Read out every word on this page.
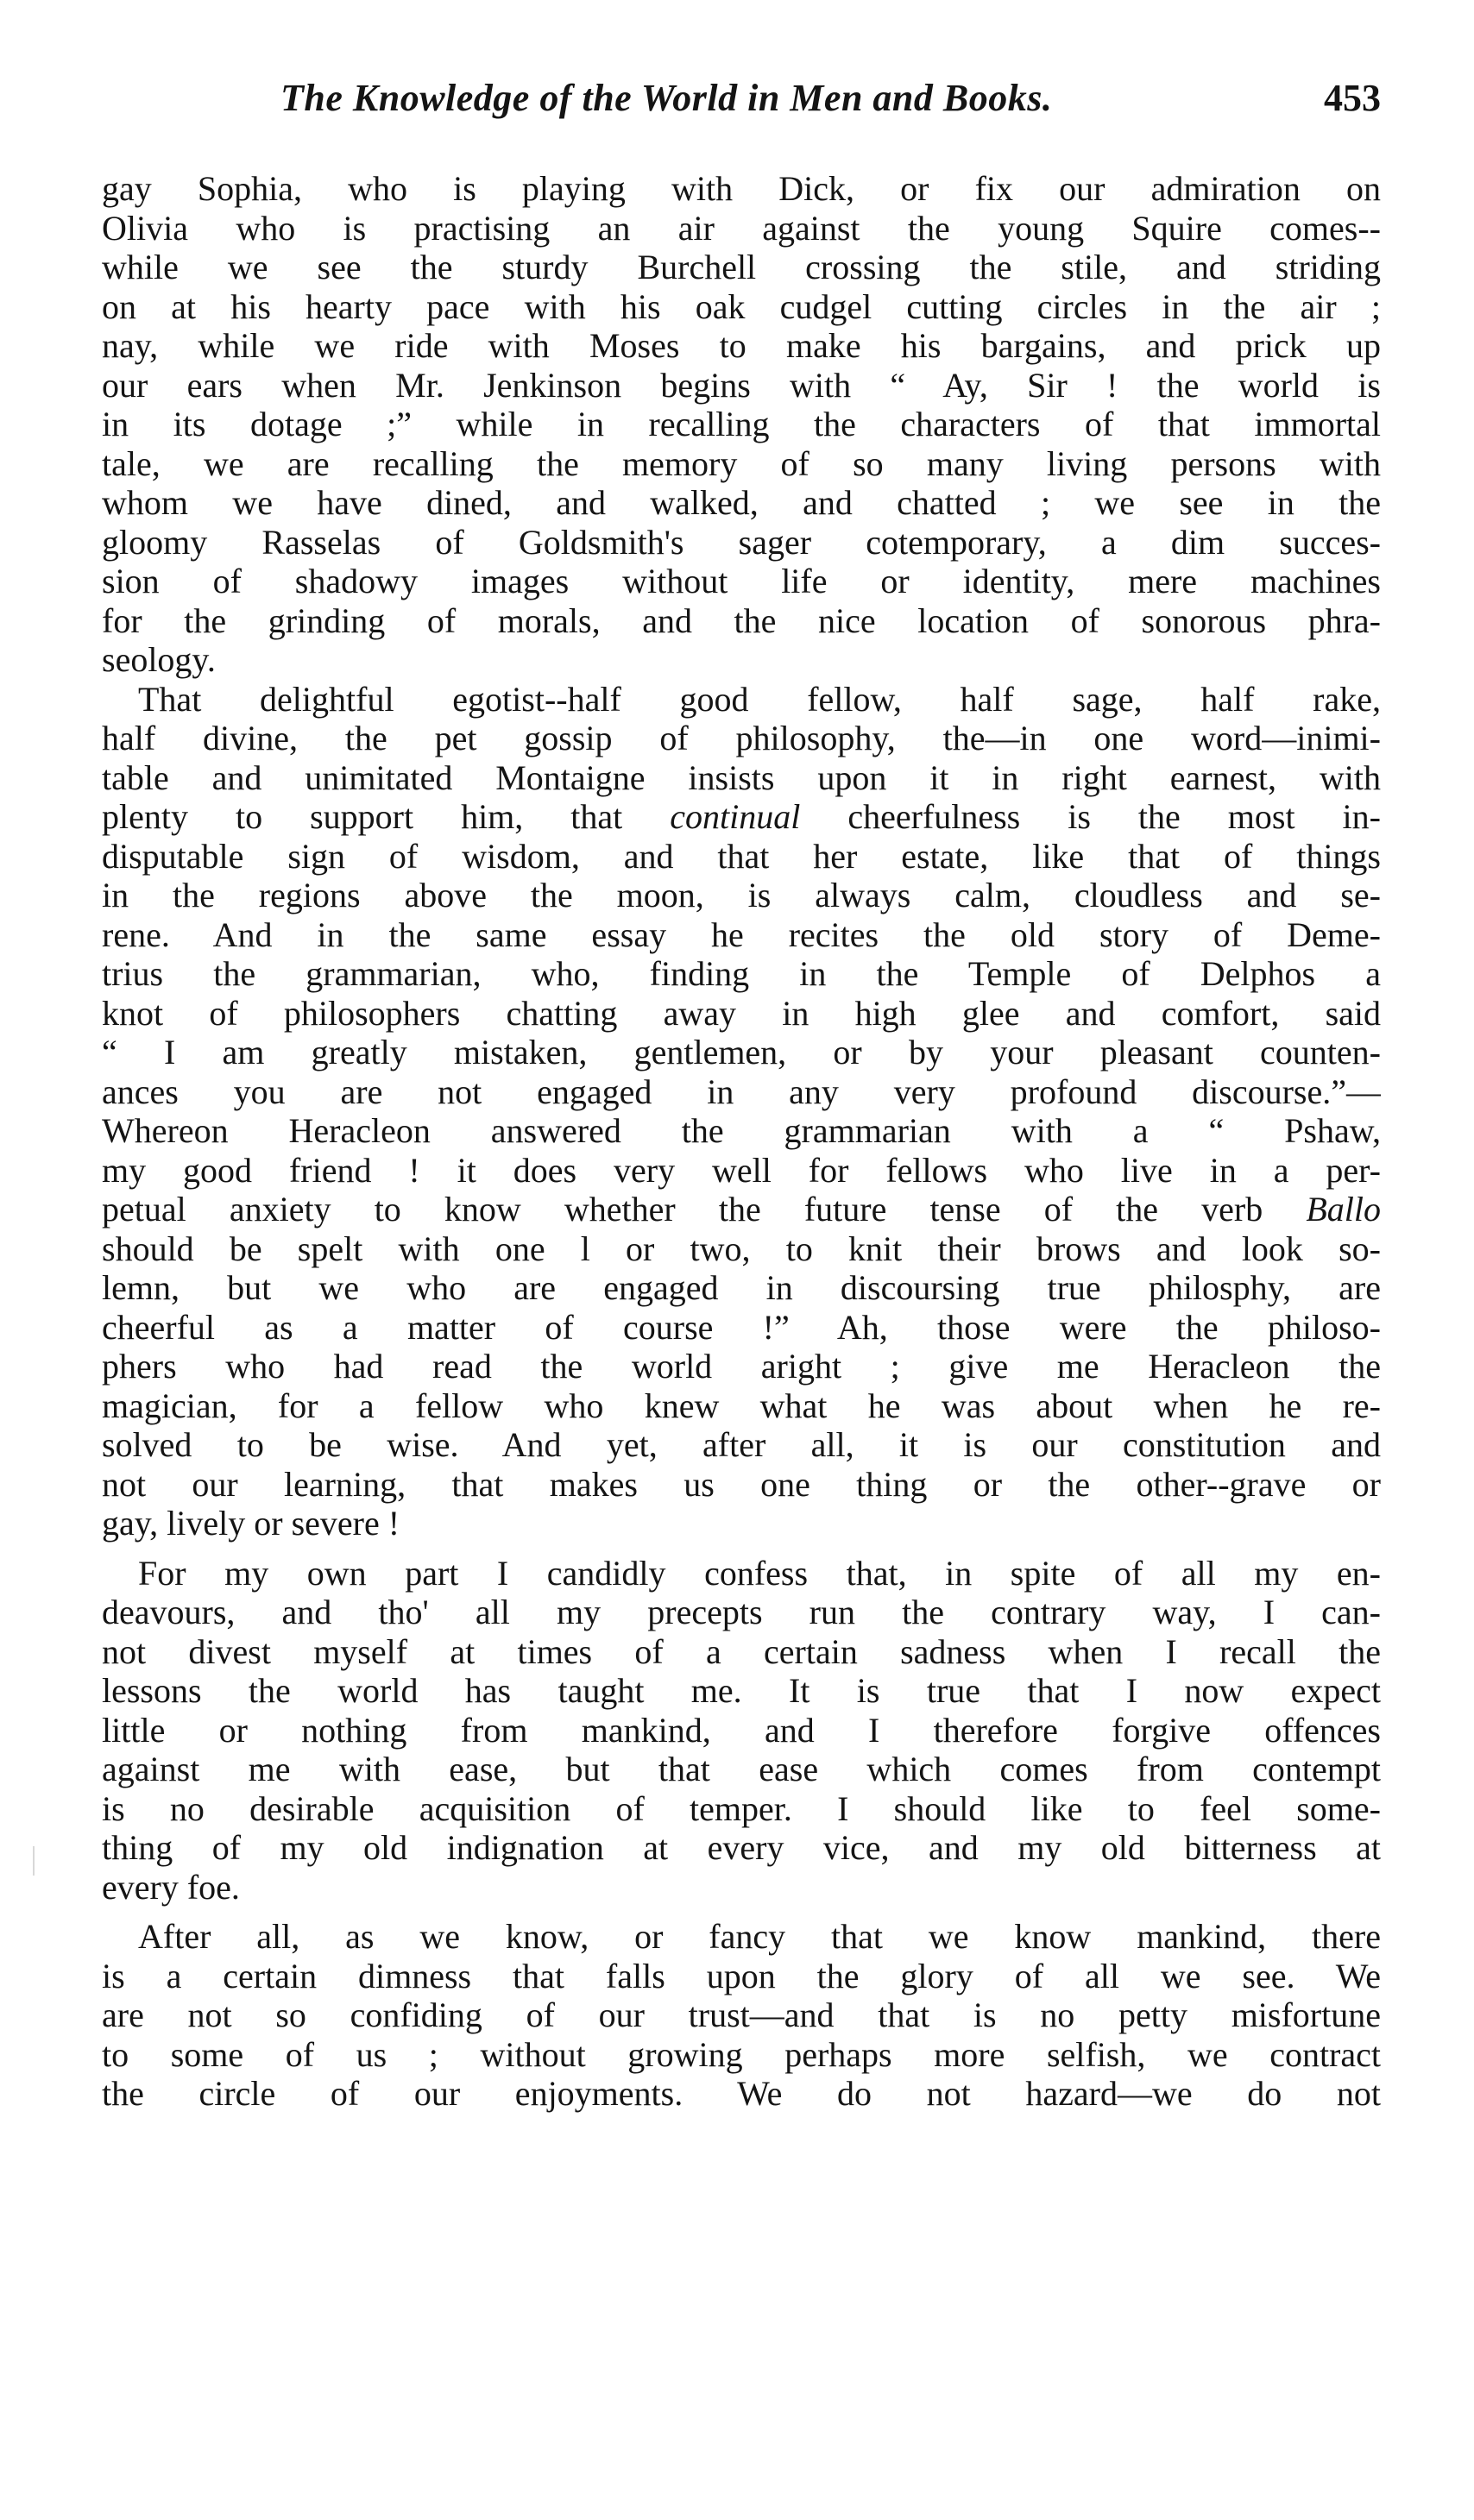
The Knowledge of the World in Men and Books.	453
gay Sophia, who is playing with Dick, or fix our admiration on
Olivia who is practising an air against the young Squire comes--
while we see the sturdy Burchell crossing the stile, and striding
on at his hearty pace with his oak cudgel cutting circles in the air ;
nay, while we ride with Moses to make his bargains, and prick up
our ears when Mr. Jenkinson begins with “ Ay, Sir ! the world is
in its dotage ;” while in recalling the characters of that immortal
tale, we are recalling the memory of so many living persons with
whom we have dined, and walked, and chatted ; we see in the
gloomy Rasselas of Goldsmith's sager cotemporary, a dim succes-
sion of shadowy images without life or identity, mere machines
for the grinding of morals, and the nice location of sonorous phra-
seology.
That delightful egotist--half good fellow, half sage, half rake,
half divine, the pet gossip of philosophy, the—in one word—inimi-
table and unimitated Montaigne insists upon it in right earnest, with
plenty to support him, that continual cheerfulness is the most in-
disputable sign of wisdom, and that her estate, like that of things
in the regions above the moon, is always calm, cloudless and se-
rene. And in the same essay he recites the old story of Deme-
trius the grammarian, who, finding in the Temple of Delphos a
knot of philosophers chatting away in high glee and comfort, said
“ I am greatly mistaken, gentlemen, or by your pleasant counten-
ances you are not engaged in any very profound discourse.”—
Whereon Heracleon answered the grammarian with a “ Pshaw,
my good friend ! it does very well for fellows who live in a per-
petual anxiety to know whether the future tense of the verb Ballo
should be spelt with one l or two, to knit their brows and look so-
lemn, but we who are engaged in discoursing true philosphy, are
cheerful as a matter of course !” Ah, those were the philoso-
phers who had read the world aright ; give me Heracleon the
magician, for a fellow who knew what he was about when he re-
solved to be wise. And yet, after all, it is our constitution and
not our learning, that makes us one thing or the other--grave or
gay, lively or severe !
For my own part I candidly confess that, in spite of all my en-
deavours, and tho' all my precepts run the contrary way, I can-
not divest myself at times of a certain sadness when I recall the
lessons the world has taught me. It is true that I now expect
little or nothing from mankind, and I therefore forgive offences
against me with ease, but that ease which comes from contempt
is no desirable acquisition of temper. I should like to feel some-
thing of my old indignation at every vice, and my old bitterness at
every foe.
After all, as we know, or fancy that we know mankind, there
is a certain dimness that falls upon the glory of all we see. We
are not so confiding of our trust—and that is no petty misfortune
to some of us ; without growing perhaps more selfish, we contract
the circle of our enjoyments. We do not hazard—we do not
